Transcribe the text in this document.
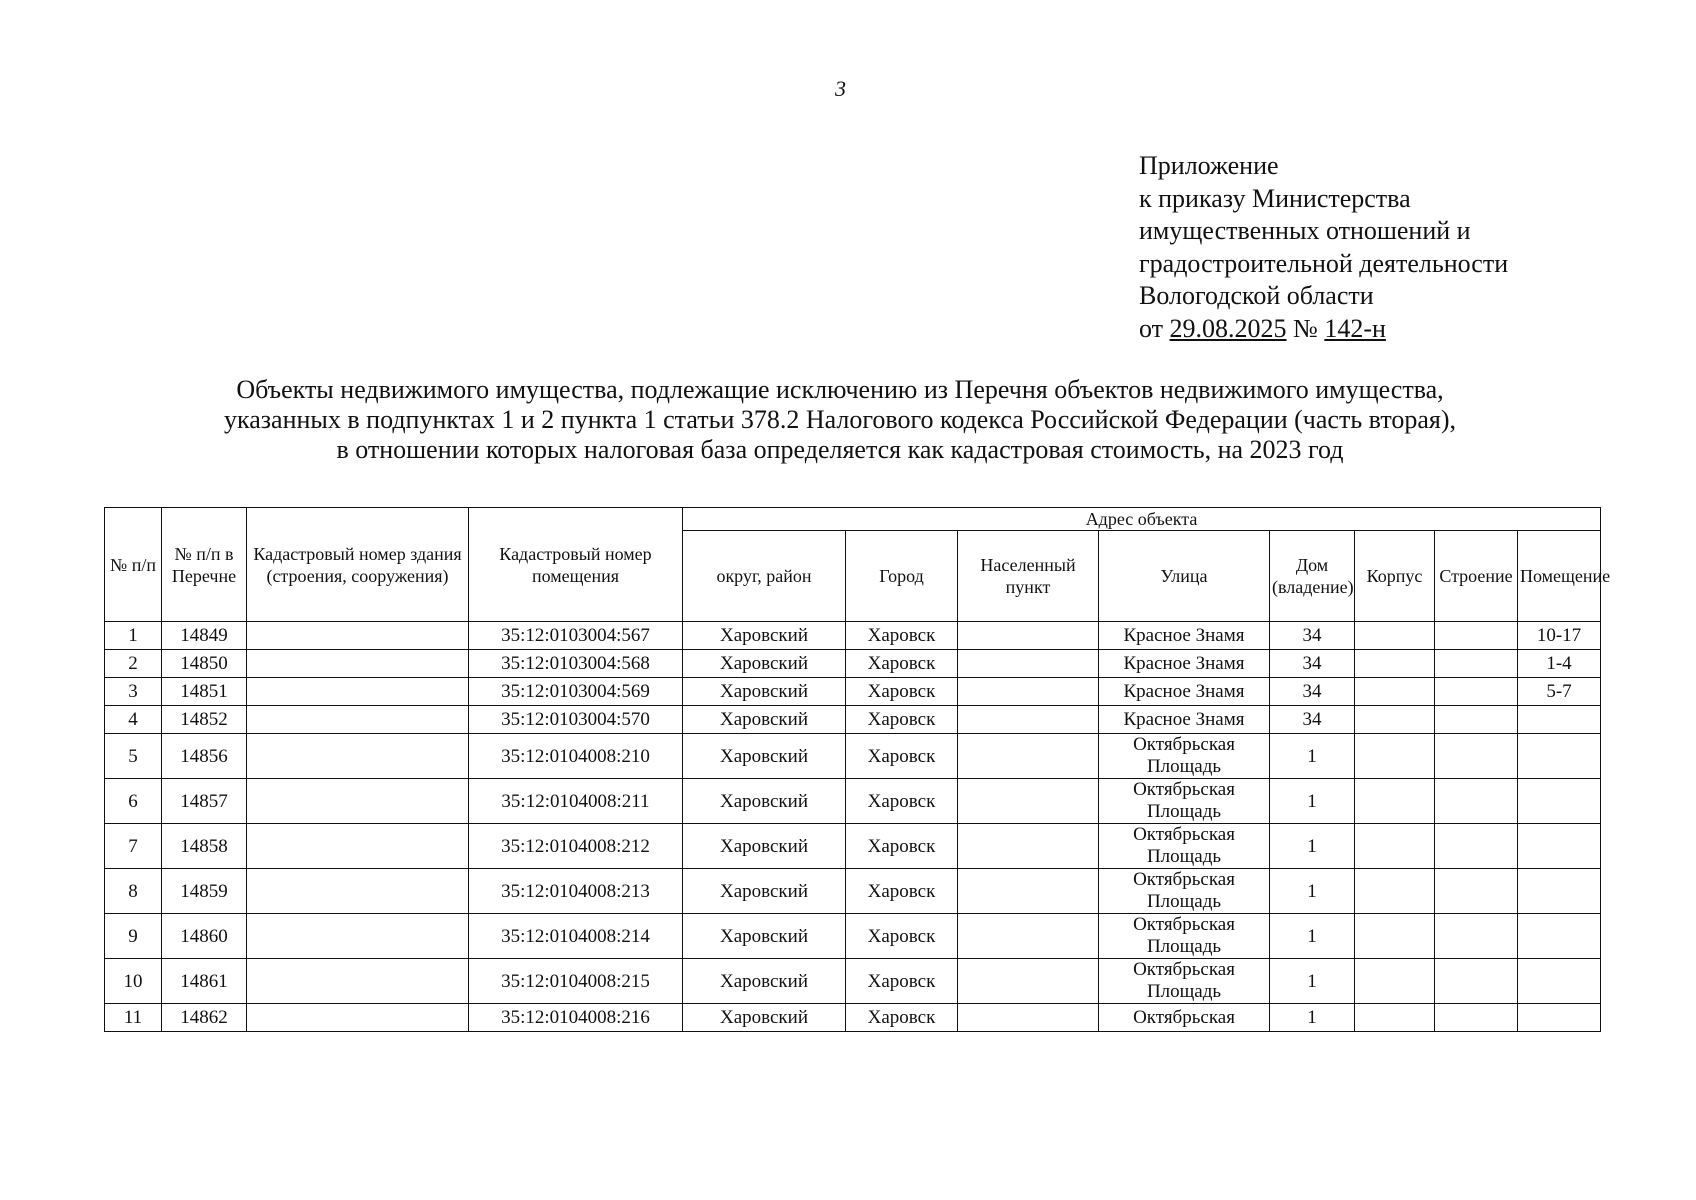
3
Приложение
к приказу Министерства
имущественных отношений и
градостроительной деятельности
Вологодской области
от 29.08.2025 № 142-н
Объекты недвижимого имущества, подлежащие исключению из Перечня объектов недвижимого имущества,
указанных в подпунктах 1 и 2 пункта 1 статьи 378.2 Налогового кодекса Российской Федерации (часть вторая),
в отношении которых налоговая база определяется как кадастровая стоимость, на 2023 год
№ п/п	№ п/п в Перечне	Кадастровый номер здания (строения, сооружения)	Кадастровый номер помещения	Адрес объекта							
				округ, район	Город	Населенный пункт	Улица	Дом (владение)	Корпус	Строение	Помещение
1	14849		35:12:0103004:567	Харовский	Харовск		Красное Знамя	34			10-17
2	14850		35:12:0103004:568	Харовский	Харовск		Красное Знамя	34			1-4
3	14851		35:12:0103004:569	Харовский	Харовск		Красное Знамя	34			5-7
4	14852		35:12:0103004:570	Харовский	Харовск		Красное Знамя	34			
5	14856		35:12:0104008:210	Харовский	Харовск		Октябрьская Площадь	1			
6	14857		35:12:0104008:211	Харовский	Харовск		Октябрьская Площадь	1			
7	14858		35:12:0104008:212	Харовский	Харовск		Октябрьская Площадь	1			
8	14859		35:12:0104008:213	Харовский	Харовск		Октябрьская Площадь	1			
9	14860		35:12:0104008:214	Харовский	Харовск		Октябрьская Площадь	1			
10	14861		35:12:0104008:215	Харовский	Харовск		Октябрьская Площадь	1			
11	14862		35:12:0104008:216	Харовский	Харовск		Октябрьская	1			
